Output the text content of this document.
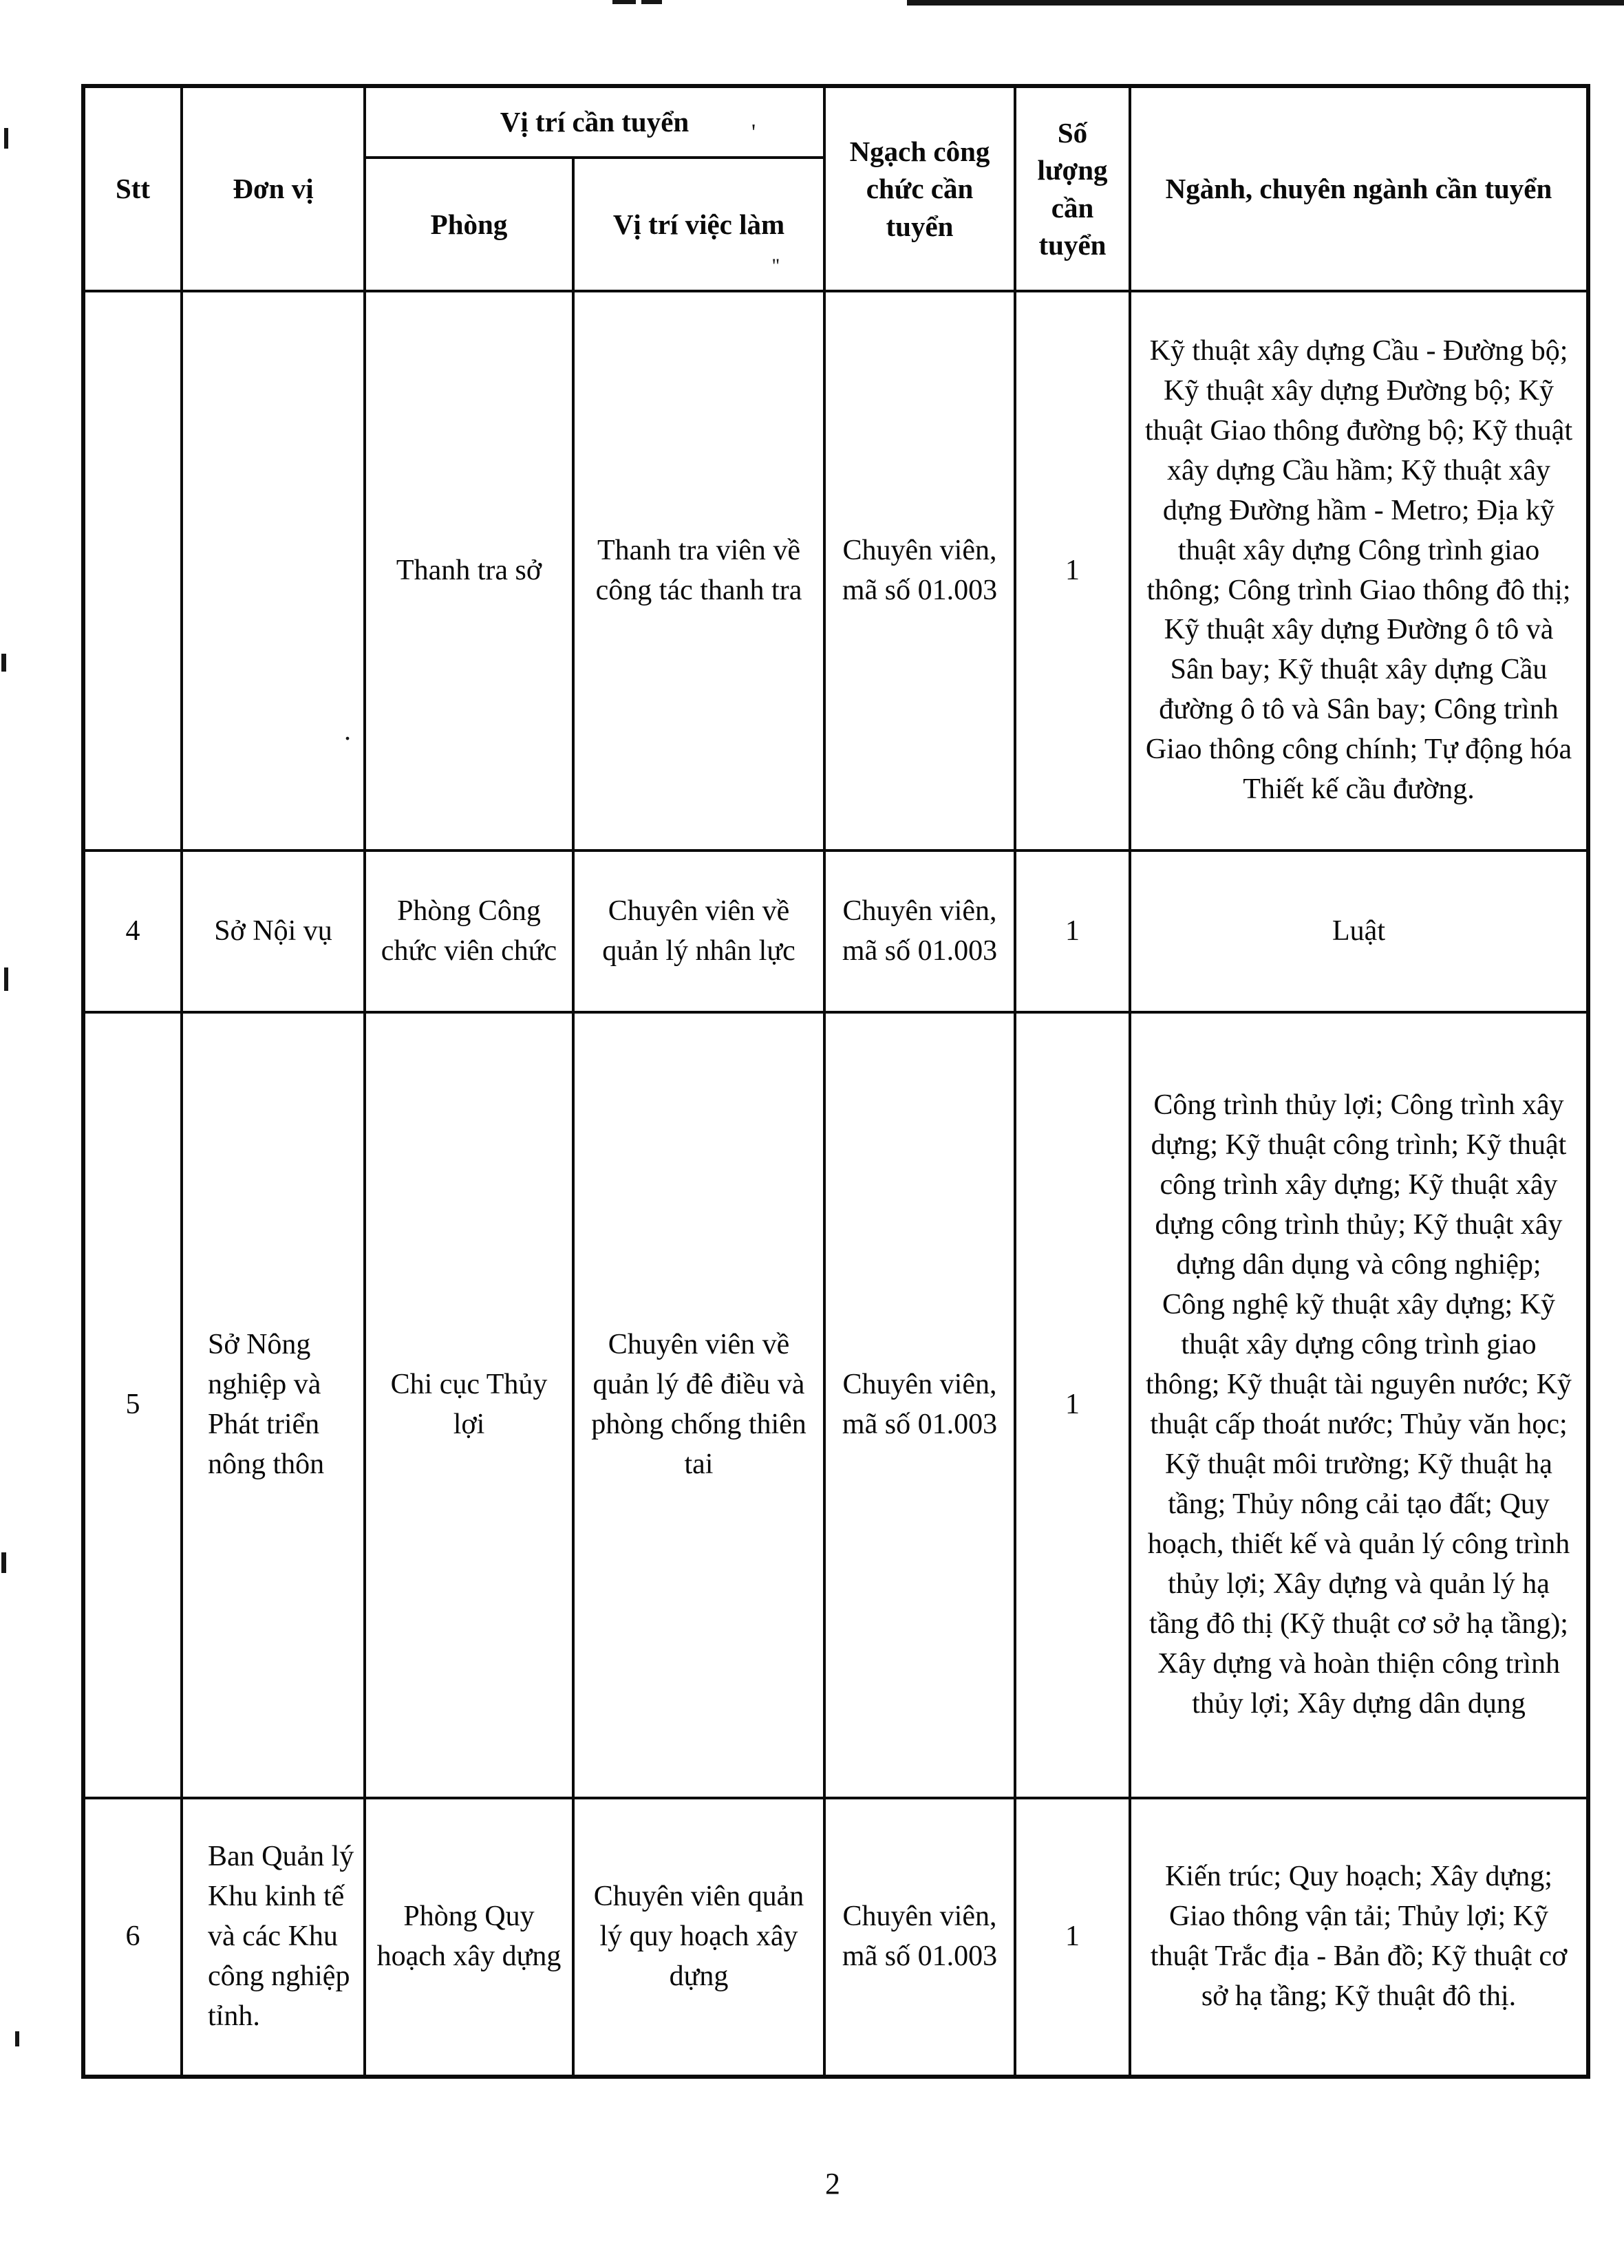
.
'
''
Stt	Đơn vị	Vị trí cần tuyển		Ngạch công chức cần tuyển	Số lượng cần tuyển	Ngành, chuyên ngành cần tuyển
		Phòng	Vị trí việc làm			
		Thanh tra sở	Thanh tra viên về công tác thanh tra	Chuyên viên, mã số 01.003	1	Kỹ thuật xây dựng Cầu - Đường bộ; Kỹ thuật xây dựng Đường bộ; Kỹ thuật Giao thông đường bộ; Kỹ thuật xây dựng Cầu hầm; Kỹ thuật xây dựng Đường hầm - Metro; Địa kỹ thuật xây dựng Công trình giao thông; Công trình Giao thông đô thị; Kỹ thuật xây dựng Đường ô tô và Sân bay; Kỹ thuật xây dựng Cầu đường ô tô và Sân bay; Công trình Giao thông công chính; Tự động hóa Thiết kế cầu đường.
4	Sở Nội vụ	Phòng Công chức viên chức	Chuyên viên về quản lý nhân lực	Chuyên viên, mã số 01.003	1	Luật
5	Sở Nông nghiệp và Phát triển nông thôn	Chi cục Thủy lợi	Chuyên viên về quản lý đê điều và phòng chống thiên tai	Chuyên viên, mã số 01.003	1	Công trình thủy lợi; Công trình xây dựng; Kỹ thuật công trình; Kỹ thuật công trình xây dựng; Kỹ thuật xây dựng công trình thủy; Kỹ thuật xây dựng dân dụng và công nghiệp; Công nghệ kỹ thuật xây dựng; Kỹ thuật xây dựng công trình giao thông; Kỹ thuật tài nguyên nước; Kỹ thuật cấp thoát nước; Thủy văn học; Kỹ thuật môi trường; Kỹ thuật hạ tầng; Thủy nông cải tạo đất; Quy hoạch, thiết kế và quản lý công trình thủy lợi; Xây dựng và quản lý hạ tầng đô thị (Kỹ thuật cơ sở hạ tầng); Xây dựng và hoàn thiện công trình thủy lợi; Xây dựng dân dụng
6	Ban Quản lý Khu kinh tế và các Khu công nghiệp tỉnh.	Phòng Quy hoạch xây dựng	Chuyên viên quản lý quy hoạch xây dựng	Chuyên viên, mã số 01.003	1	Kiến trúc; Quy hoạch; Xây dựng; Giao thông vận tải; Thủy lợi; Kỹ thuật Trắc địa - Bản đồ; Kỹ thuật cơ sở hạ tầng; Kỹ thuật đô thị.
2
